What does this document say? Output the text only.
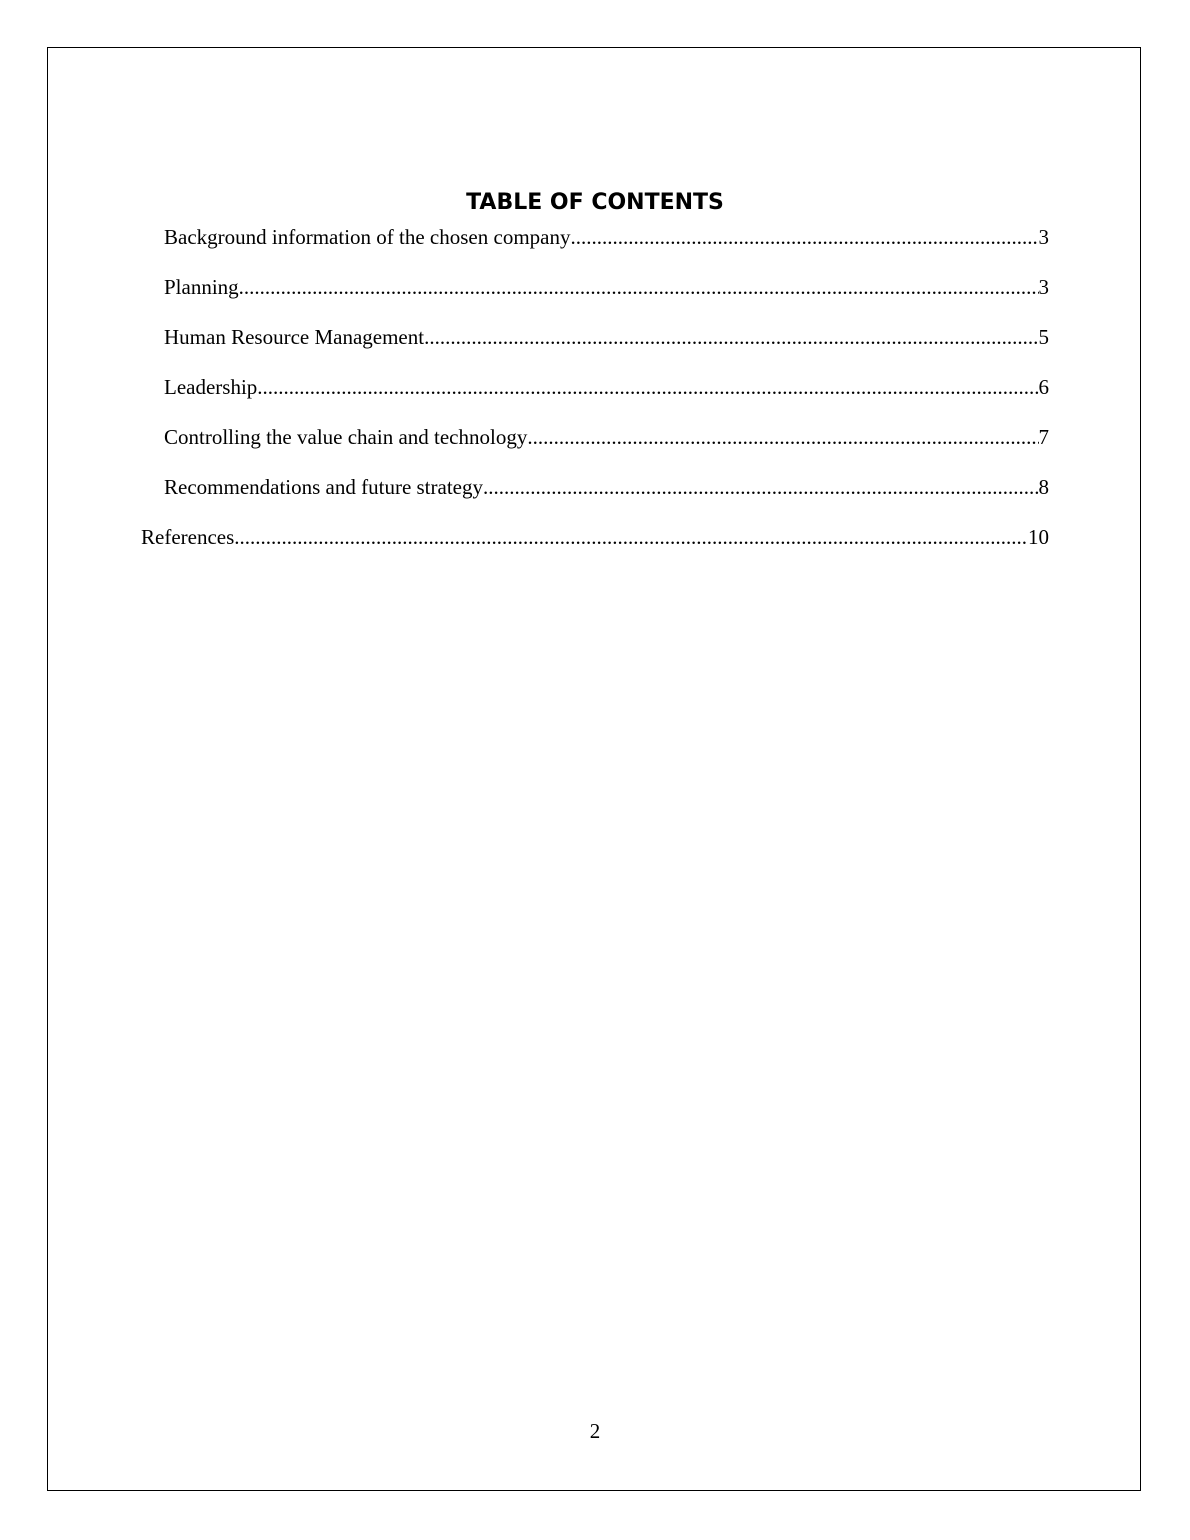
TABLE OF CONTENTS
Background information of the chosen company .....	3
Planning .....	3
Human Resource Management .....	5
Leadership .....	6
Controlling the value chain and technology .....	7
Recommendations and future strategy .....	8
References .....	10
2
